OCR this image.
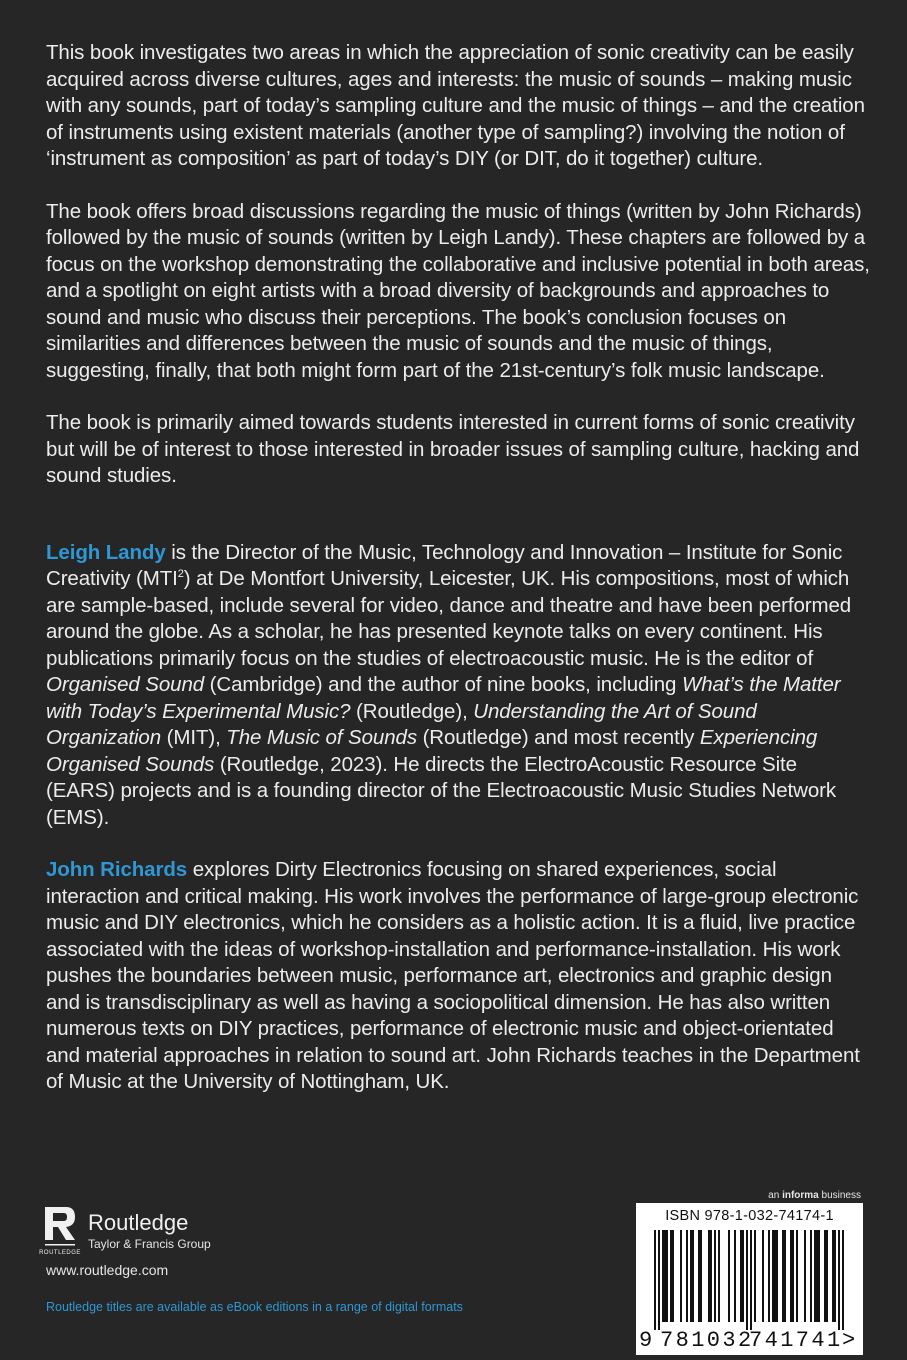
This book investigates two areas in which the appreciation of sonic creativity can be easily acquired across diverse cultures, ages and interests: the music of sounds – making music with any sounds, part of today’s sampling culture and the music of things – and the creation of instruments using existent materials (another type of sampling?) involving the notion of ‘instrument as composition’ as part of today’s DIY (or DIT, do it together) culture.

The book offers broad discussions regarding the music of things (written by John Richards) followed by the music of sounds (written by Leigh Landy). These chapters are followed by a focus on the workshop demonstrating the collaborative and inclusive potential in both areas, and a spotlight on eight artists with a broad diversity of backgrounds and approaches to sound and music who discuss their perceptions. The book’s conclusion focuses on similarities and differences between the music of sounds and the music of things, suggesting, finally, that both might form part of the 21st-century’s folk music landscape.

The book is primarily aimed towards students interested in current forms of sonic creativity but will be of interest to those interested in broader issues of sampling culture, hacking and sound studies.

Leigh Landy is the Director of the Music, Technology and Innovation – Institute for Sonic Creativity (MTI$^2$) at De Montfort University, Leicester, UK. His compositions, most of which are sample-based, include several for video, dance and theatre and have been performed around the globe. As a scholar, he has presented keynote talks on every continent. His publications primarily focus on the studies of electroacoustic music. He is the editor of Organised Sound (Cambridge) and the author of nine books, including What’s the Matter with Today’s Experimental Music? (Routledge), Understanding the Art of Sound Organization (MIT), The Music of Sounds (Routledge) and most recently Experiencing Organised Sounds (Routledge, 2023). He directs the ElectroAcoustic Resource Site (EARS) projects and is a founding director of the Electroacoustic Music Studies Network (EMS).

John Richards explores Dirty Electronics focusing on shared experiences, social interaction and critical making. His work involves the performance of large-group electronic music and DIY electronics, which he considers as a holistic action. It is a fluid, live practice associated with the ideas of workshop-installation and performance-installation. His work pushes the boundaries between music, performance art, electronics and graphic design and is transdisciplinary as well as having a sociopolitical dimension. He has also written numerous texts on DIY practices, performance of electronic music and object-orientated and material approaches in relation to sound art. John Richards teaches in the Department of Music at the University of Nottingham, UK.

ROUTLEDGE
Routledge
Taylor & Francis Group
www.routledge.com
Routledge titles are available as eBook editions in a range of digital formats
an informa business
ISBN 978-1-032-74174-1
9 781032
741741 >
